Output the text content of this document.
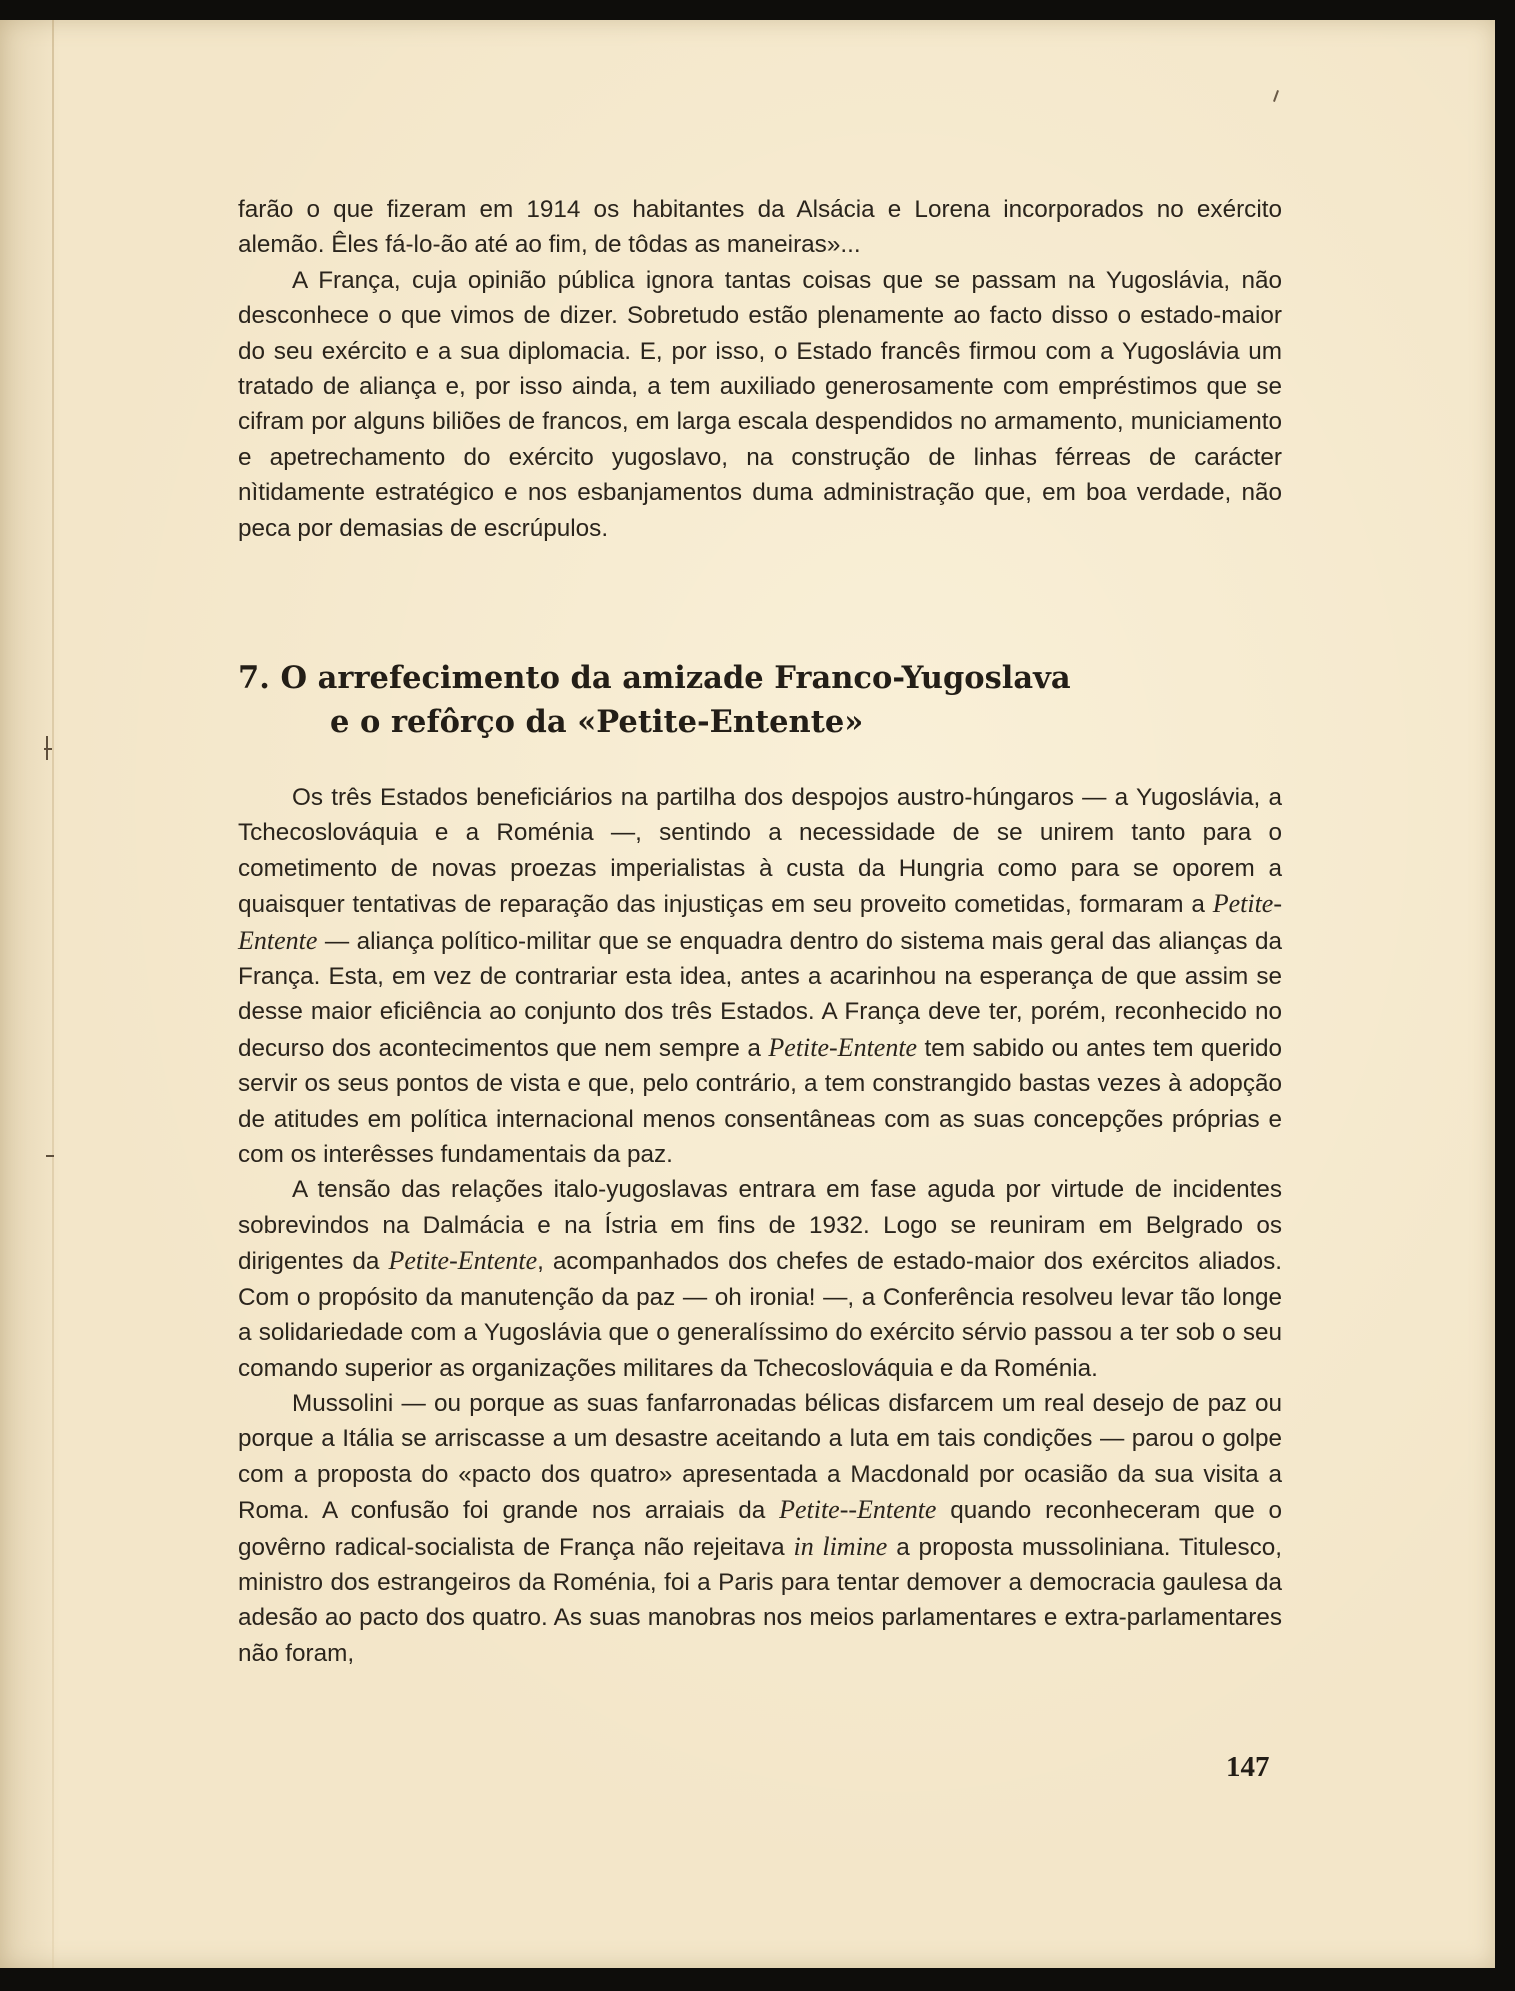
farão o que fizeram em 1914 os habitantes da Alsácia e Lorena incorporados no exército alemão. Êles fá-lo-ão até ao fim, de tôdas as maneiras»...

A França, cuja opinião pública ignora tantas coisas que se passam na Yugoslávia, não desconhece o que vimos de dizer. Sobretudo estão plenamente ao facto disso o estado-maior do seu exército e a sua diplomacia. E, por isso, o Estado francês firmou com a Yugoslávia um tratado de aliança e, por isso ainda, a tem auxiliado generosamente com empréstimos que se cifram por alguns biliões de francos, em larga escala despendidos no armamento, municiamento e apetrechamento do exército yugoslavo, na construção de linhas férreas de carácter nìtidamente estratégico e nos esbanjamentos duma administração que, em boa verdade, não peca por demasias de escrúpulos.

7. O arrefecimento da amizade Franco-Yugoslava
e o refôrço da «Petite-Entente»

Os três Estados beneficiários na partilha dos despojos austro-húngaros — a Yugoslávia, a Tchecoslováquia e a Roménia —, sentindo a necessidade de se unirem tanto para o cometimento de novas proezas imperialistas à custa da Hungria como para se oporem a quaisquer tentativas de reparação das injustiças em seu proveito cometidas, formaram a Petite-Entente — aliança político-militar que se enquadra dentro do sistema mais geral das alianças da França. Esta, em vez de contrariar esta idea, antes a acarinhou na esperança de que assim se desse maior eficiência ao conjunto dos três Estados. A França deve ter, porém, reconhecido no decurso dos acontecimentos que nem sempre a Petite-Entente tem sabido ou antes tem querido servir os seus pontos de vista e que, pelo contrário, a tem constrangido bastas vezes à adopção de atitudes em política internacional menos consentâneas com as suas concepções próprias e com os interêsses fundamentais da paz.

A tensão das relações italo-yugoslavas entrara em fase aguda por virtude de incidentes sobrevindos na Dalmácia e na Ístria em fins de 1932. Logo se reuniram em Belgrado os dirigentes da Petite-Entente, acompanhados dos chefes de estado-maior dos exércitos aliados. Com o propósito da manutenção da paz — oh ironia! —, a Conferência resolveu levar tão longe a solidariedade com a Yugoslávia que o generalíssimo do exército sérvio passou a ter sob o seu comando superior as organizações militares da Tchecoslováquia e da Roménia.

Mussolini — ou porque as suas fanfarronadas bélicas disfarcem um real desejo de paz ou porque a Itália se arriscasse a um desastre aceitando a luta em tais condições — parou o golpe com a proposta do «pacto dos quatro» apresentada a Macdonald por ocasião da sua visita a Roma. A confusão foi grande nos arraiais da Petite--Entente quando reconheceram que o govêrno radical-socialista de França não rejeitava in limine a proposta mussoliniana. Titulesco, ministro dos estrangeiros da Roménia, foi a Paris para tentar demover a democracia gaulesa da adesão ao pacto dos quatro. As suas manobras nos meios parlamentares e extra-parlamentares não foram,

147
